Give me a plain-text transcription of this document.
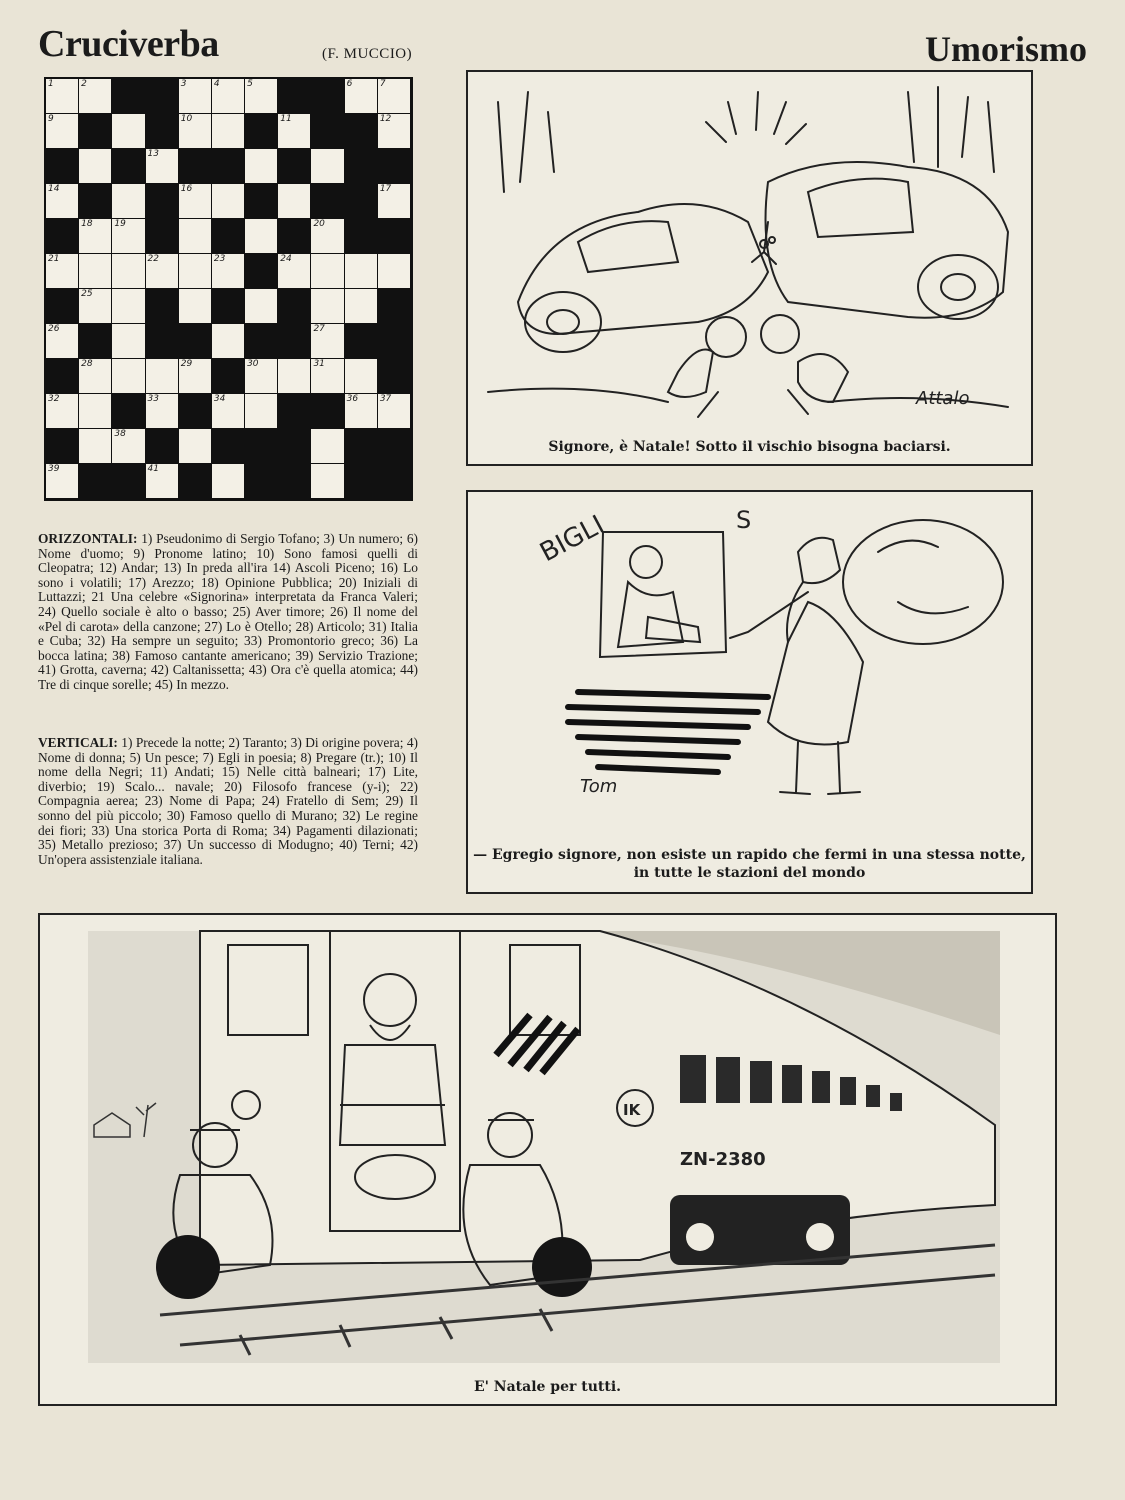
Cruciverba	(F. MUCCIO)	Umorismo
1	2	3	4	5	6	7
9	10	11	12
13
14	16	17
18 19	20
21	22	23	24
25
26	27
28	29	30	31
32	33	34	36 37
38
39	41
ORIZZONTALI: 1) Pseudonimo di Sergio Tofano; 3) Un numero; 6) Nome d'uomo; 9) Pronome latino; 10) Sono famosi quelli di Cleopatra; 12) Andar; 13) In preda all'ira 14) Ascoli Piceno; 16) Lo sono i volatili; 17) Arezzo; 18) Opinione Pubblica; 20) Iniziali di Luttazzi; 21 Una celebre «Signorina» interpretata da Franca Valeri; 24) Quello sociale è alto o basso; 25) Aver timore; 26) Il nome del «Pel di carota» della canzone; 27) Lo è Otello; 28) Articolo; 31) Italia e Cuba; 32) Ha sempre un seguito; 33) Promontorio greco; 36) La bocca latina; 38) Famoso cantante americano; 39) Servizio Trazione; 41) Grotta, caverna; 42) Caltanissetta; 43) Ora c'è quella atomica; 44) Tre di cinque sorelle; 45) In mezzo.
VERTICALI: 1) Precede la notte; 2) Taranto; 3) Di origine povera; 4) Nome di donna; 5) Un pesce; 7) Egli in poesia; 8) Pregare (tr.); 10) Il nome della Negri; 11) Andati; 15) Nelle città balneari; 17) Lite, diverbio; 19) Scalo... navale; 20) Filosofo francese (y-i); 22) Compagnia aerea; 23) Nome di Papa; 24) Fratello di Sem; 29) Il sonno del più piccolo; 30) Famoso quello di Murano; 32) Le regine dei fiori; 33) Una storica Porta di Roma; 34) Pagamenti dilazionati; 35) Metallo prezioso; 37) Un successo di Modugno; 40) Terni; 42) Un'opera assistenziale italiana.
Attalo
Signore, è Natale! Sotto il vischio bisogna baciarsi.
BIGLI	S
Tom
— Egregio signore, non esiste un rapido che fermi in una stessa notte,
in tutte le stazioni del mondo
IK
ZN-2380
E' Natale per tutti.
